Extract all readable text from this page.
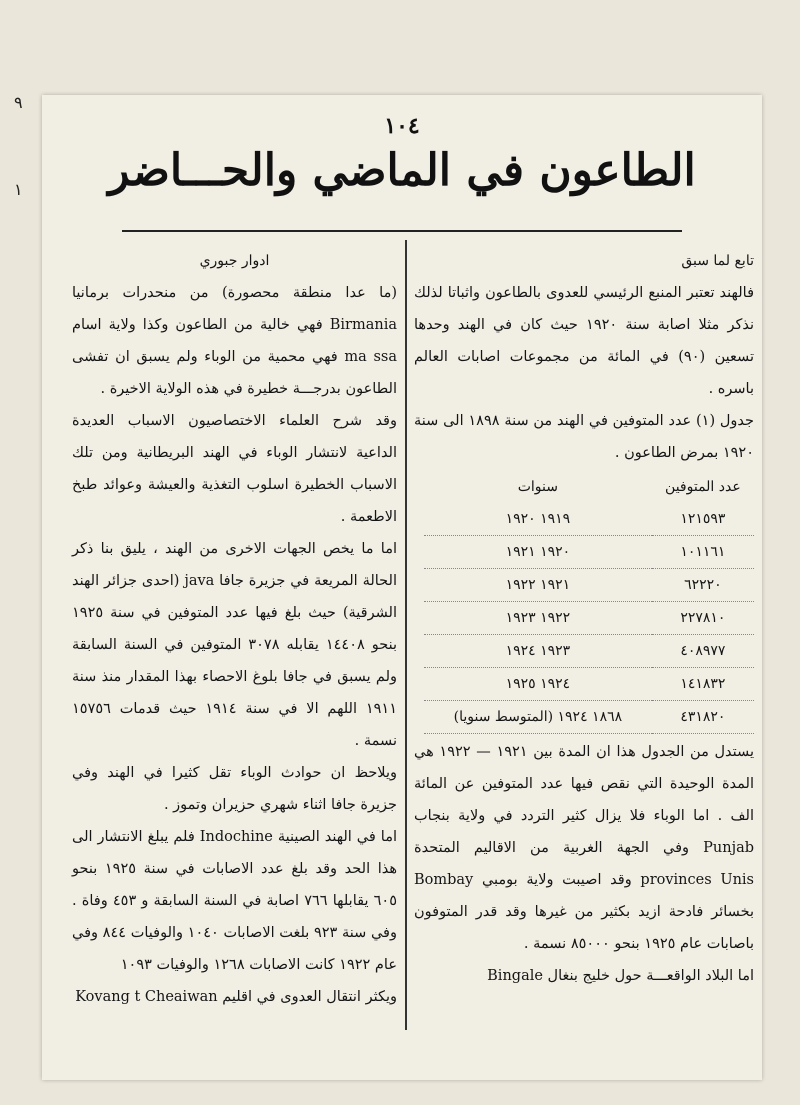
٩
١
١٠٤
الطاعون في الماضي والحـــاضر

تابع لما سبق

فالهند تعتبر المنبع الرئيسي للعدوى بالطاعون واثباتا لذلك نذكر مثلا اصابة سنة ١٩٢٠ حيث كان في الهند وحدها تسعين (٩٠) في المائة من مجموعات اصابات العالم باسره .

جدول (١) عدد المتوفين في الهند من سنة ١٨٩٨ الى سنة ١٩٢٠ بمرض الطاعون .

عدد المتوفين	سنوات
١٢١٥٩٣	١٩١٩ ١٩٢٠
١٠١١٦١	١٩٢٠ ١٩٢١
٦٢٢٢٠	١٩٢١ ١٩٢٢
٢٢٧٨١٠	١٩٢٢ ١٩٢٣
٤٠٨٩٧٧	١٩٢٣ ١٩٢٤
١٤١٨٣٢	١٩٢٤ ١٩٢٥
٤٣١٨٢٠	١٨٦٨ ١٩٢٤ (المتوسط سنويا)

يستدل من الجدول هذا ان المدة بين ١٩٢١ — ١٩٢٢ هي المدة الوحيدة التي نقص فيها عدد المتوفين عن المائة الف . اما الوباء فلا يزال كثير التردد في ولاية بنجاب Punjab وفي الجهة الغربية من الاقاليم المتحدة provinces Unis وقد اصيبت ولاية بومبي Bombay بخسائر فادحة ازيد بكثير من غيرها وقد قدر المتوفون باصابات عام ١٩٢٥ بنحو ٨٥٠٠٠ نسمة .

اما البلاد الواقعـــة حول خليج بنغال Bingale

ادوار جبوري

(ما عدا منطقة محصورة) من منحدرات برمانيا Birmania فهي خالية من الطاعون وكذا ولاية اسام ma ssa فهي محمية من الوباء ولم يسبق ان تفشى الطاعون بدرجـــة خطيرة في هذه الولاية الاخيرة .

وقد شرح العلماء الاختصاصيون الاسباب العديدة الداعية لانتشار الوباء في الهند البريطانية ومن تلك الاسباب الخطيرة اسلوب التغذية والعيشة وعوائد طبخ الاطعمة .

اما ما يخص الجهات الاخرى من الهند ، يليق بنا ذكر الحالة المريعة في جزيرة جافا java (احدى جزائر الهند الشرقية) حيث بلغ فيها عدد المتوفين في سنة ١٩٢٥ بنحو ١٤٤٠٨ يقابله ٣٠٧٨ المتوفين في السنة السابقة ولم يسبق في جافا بلوغ الاحصاء بهذا المقدار منذ سنة ١٩١١ اللهم الا في سنة ١٩١٤ حيث قدمات ١٥٧٥٦ نسمة .

ويلاحظ ان حوادث الوباء تقل كثيرا في الهند وفي جزيرة جافا اثناء شهري حزيران وتموز .

اما في الهند الصينية Indochine فلم يبلغ الانتشار الى هذا الحد وقد بلغ عدد الاصابات في سنة ١٩٢٥ بنحو ٦٠٥ يقابلها ٧٦٦ اصابة في السنة السابقة و ٤٥٣ وفاة . وفي سنة ٩٢٣ بلغت الاصابات ١٠٤٠ والوفيات ٨٤٤ وفي عام ١٩٢٢ كانت الاصابات ١٢٦٨ والوفيات ١٠٩٣

ويكثر انتقال العدوى في اقليم Kovang t Cheaiwan
